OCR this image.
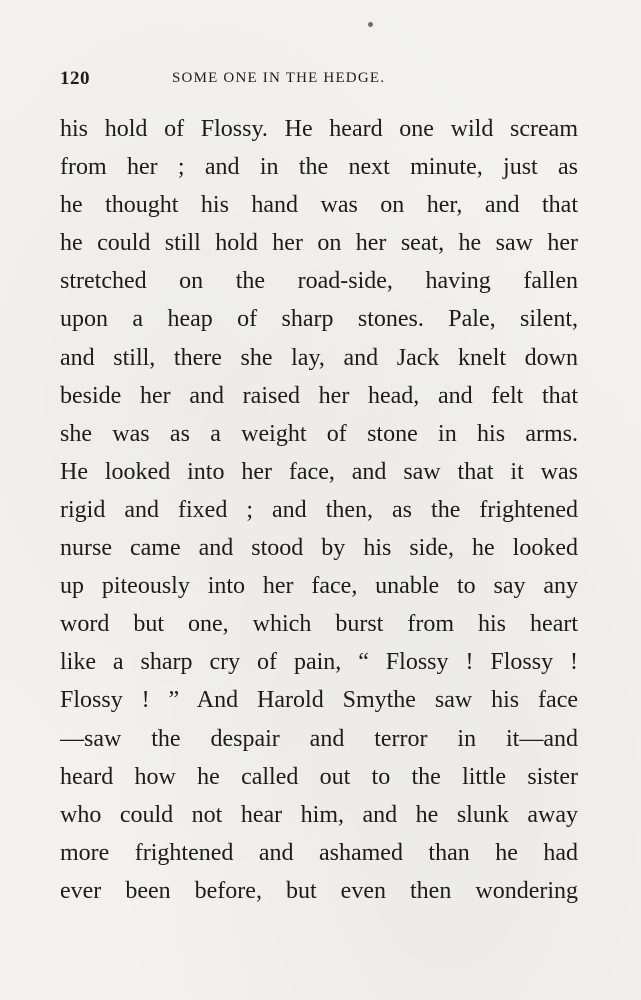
120	SOME ONE IN THE HEDGE.
his hold of Flossy. He heard one wild scream
from her ; and in the next minute, just as
he thought his hand was on her, and that
he could still hold her on her seat, he saw her
stretched on the road-side, having fallen
upon a heap of sharp stones. Pale, silent,
and still, there she lay, and Jack knelt down
beside her and raised her head, and felt that
she was as a weight of stone in his arms.
He looked into her face, and saw that it was
rigid and fixed ; and then, as the frightened
nurse came and stood by his side, he looked
up piteously into her face, unable to say any
word but one, which burst from his heart
like a sharp cry of pain, “ Flossy ! Flossy !
Flossy ! ” And Harold Smythe saw his face
—saw the despair and terror in it—and
heard how he called out to the little sister
who could not hear him, and he slunk away
more frightened and ashamed than he had
ever been before, but even then wondering
